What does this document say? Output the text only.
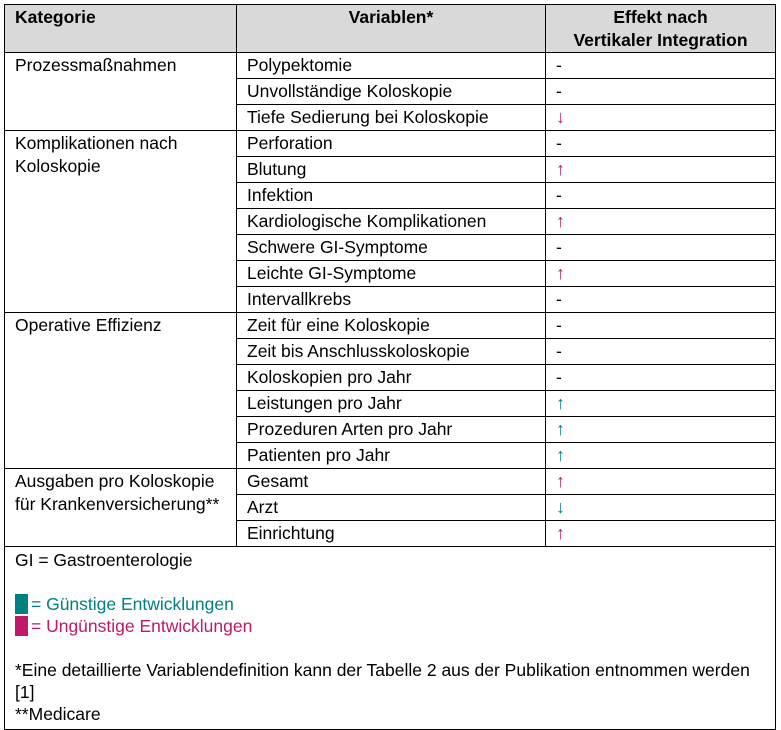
Kategorie	Variablen*	Effekt nach
Vertikaler Integration
Prozessmaßnahmen	Polypektomie	-
	Unvollständige Koloskopie	-
	Tiefe Sedierung bei Koloskopie	↓
Komplikationen nach Koloskopie	Perforation	-
	Blutung	↑
	Infektion	-
	Kardiologische Komplikationen	↑
	Schwere GI-Symptome	-
	Leichte GI-Symptome	↑
	Intervallkrebs	-
Operative Effizienz	Zeit für eine Koloskopie	-
	Zeit bis Anschlusskoloskopie	-
	Koloskopien pro Jahr	-
	Leistungen pro Jahr	↑
	Prozeduren Arten pro Jahr	↑
	Patienten pro Jahr	↑
Ausgaben pro Koloskopie für Krankenversicherung**	Gesamt	↑
	Arzt	↓
	Einrichtung	↑

GI = Gastroenterologie
= Günstige Entwicklungen
= Ungünstige Entwicklungen
*Eine detaillierte Variablendefinition kann der Tabelle 2 aus der Publikation entnommen werden [1]
**Medicare		
